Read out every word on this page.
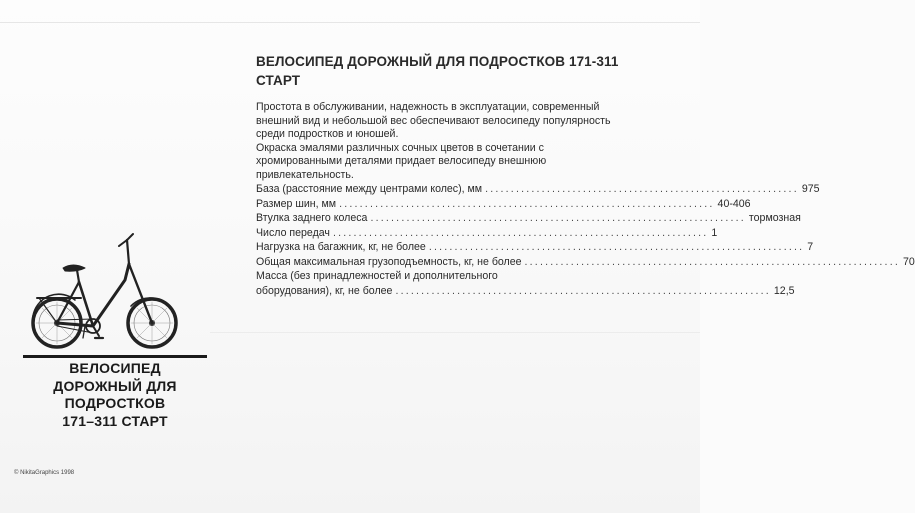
ВЕЛОСИПЕД ДОРОЖНЫЙ ДЛЯ ПОДРОСТКОВ 171-311
СТАРТ

Простота в обслуживании, надежность в эксплуатации, современный внешний вид и небольшой вес обеспечивают велосипеду популярность среди подростков и юношей.

Окраска эмалями различных сочных цветов в сочетании с хромированными деталями придает велосипеду внешнюю привлекательность.

База (расстояние между центрами колес), мм ............................................................. 975
Размер шин, мм ......................................................................... 40-406
Втулка заднего колеса ......................................................................... тормозная
Число передач ......................................................................... 1
Нагрузка на багажник, кг, не более ......................................................................... 7
Общая максимальная грузоподъемность, кг, не более ......................................................................... 70
Масса (без принадлежностей и дополнительного
оборудования), кг, не более ......................................................................... 12,5
ВЕЛОСИПЕД
ДОРОЖНЫЙ ДЛЯ
ПОДРОСТКОВ
171–311 СТАРТ
© NikitaGraphics 1998
